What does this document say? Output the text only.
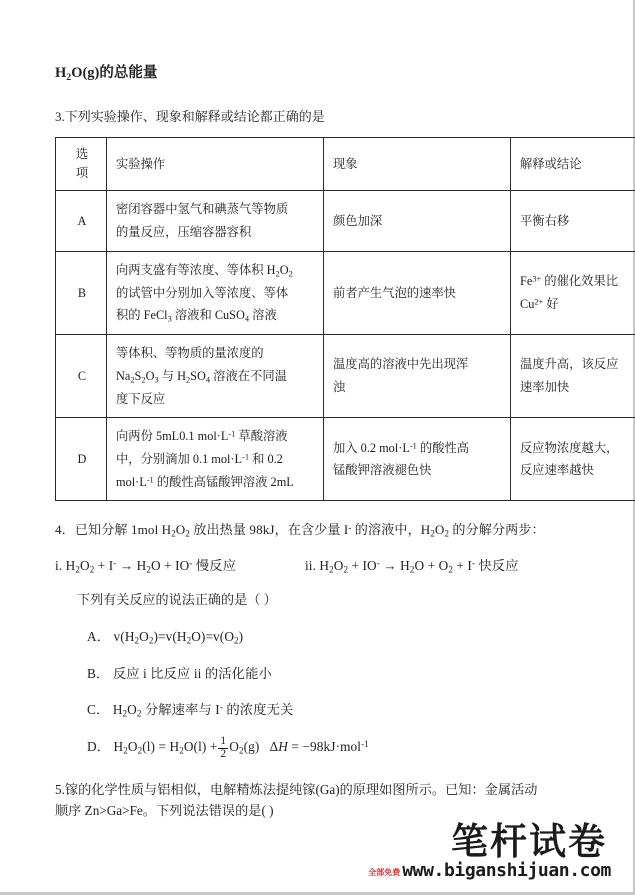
$H_2O(g)$的总能量

3.下列实验操作、现象和解释或结论都正确的是

选
项	实验操作	现象	解释或结论
A	密闭容器中氢气和碘蒸气等物质
的量反应，压缩容器容积	颜色加深	平衡右移
B	向两支盛有等浓度、等体积 $H_2O_2$
的试管中分别加入等浓度、等体
积的 FeCl$_3$ 溶液和 CuSO$_4$ 溶液	前者产生气泡的速率快	$Fe^{3+}$ 的催化效果比
$Cu^{2+}$ 好
C	等体积、等物质的量浓度的
$Na_2S_2O_3$ 与 $H_2SO_4$ 溶液在不同温
度下反应	温度高的溶液中先出现浑
浊	温度升高，该反应
速率加快
D	向两份 5mL0.1 $mol\cdot L^{-1}$ 草酸溶液
中，分别滴加 0.1 $mol\cdot L^{-1}$ 和 0.2
$mol\cdot L^{-1}$ 的酸性高锰酸钾溶液 2mL	加入 0.2 $mol\cdot L^{-1}$ 的酸性高
锰酸钾溶液褪色快	反应物浓度越大，
反应速率越快

4．已知分解 1mol $H_2O_2$ 放出热量 98kJ，在含少量 I- 的溶液中，$H_2O_2$ 的分解分两步：

i. $H_2O_2 + I^- \to H_2O + IO^-$ 慢反应	ii. $H_2O_2 + IO^- \to H_2O + O_2 + I^-$ 快反应

下列有关反应的说法正确的是（ ）

A． $v(H_2O_2)=v(H_2O)=v(O_2)$

B． 反应 i 比反应 ii 的活化能小

C． $H_2O_2$ 分解速率与 I- 的浓度无关

D． $H_2O_2(l) = H_2O(l) + \frac{1}{2} O_2(g) \Delta H = -98kJ\cdot mol^{-1}$

5.镓的化学性质与铝相似，电解精炼法提纯镓(Ga)的原理如图所示。已知：金属活动
顺序 Zn>Ga>Fe。下列说法错误的是( )
笔杆试卷
全部免费 www.biganshijuan.com
